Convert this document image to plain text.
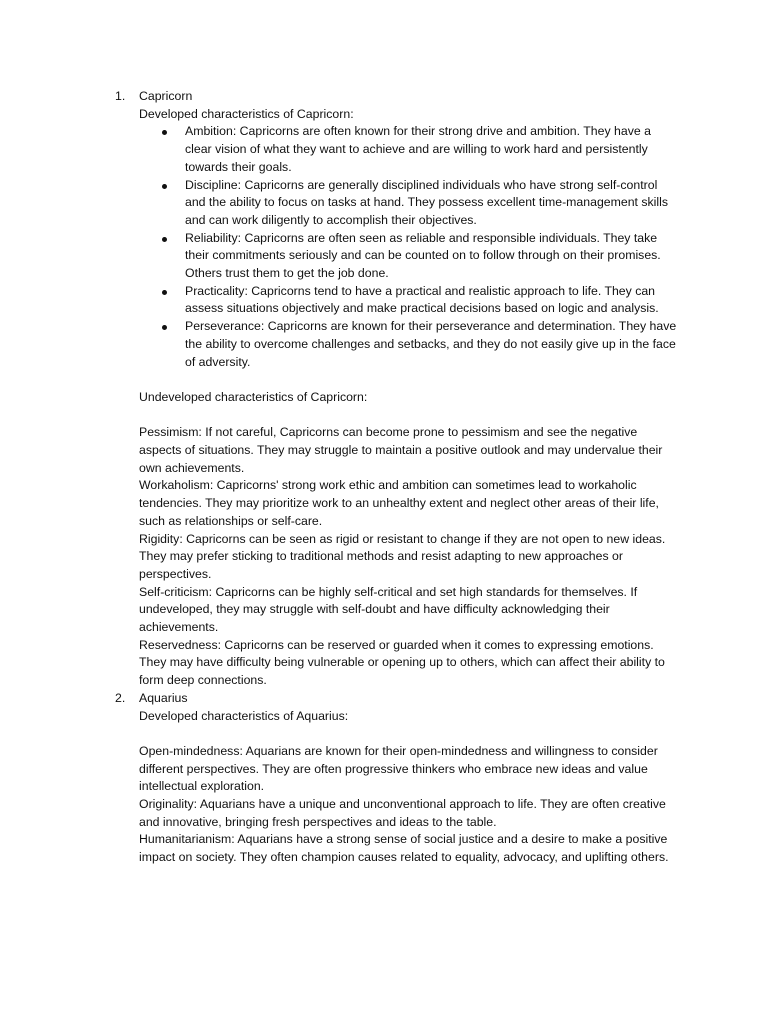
1.	Capricorn
Developed characteristics of Capricorn:
Ambition: Capricorns are often known for their strong drive and ambition. They have a clear vision of what they want to achieve and are willing to work hard and persistently towards their goals.
Discipline: Capricorns are generally disciplined individuals who have strong self-control and the ability to focus on tasks at hand. They possess excellent time-management skills and can work diligently to accomplish their objectives.
Reliability: Capricorns are often seen as reliable and responsible individuals. They take their commitments seriously and can be counted on to follow through on their promises. Others trust them to get the job done.
Practicality: Capricorns tend to have a practical and realistic approach to life. They can assess situations objectively and make practical decisions based on logic and analysis.
Perseverance: Capricorns are known for their perseverance and determination. They have the ability to overcome challenges and setbacks, and they do not easily give up in the face of adversity.
Undeveloped characteristics of Capricorn:

Pessimism: If not careful, Capricorns can become prone to pessimism and see the negative aspects of situations. They may struggle to maintain a positive outlook and may undervalue their own achievements.

Workaholism: Capricorns' strong work ethic and ambition can sometimes lead to workaholic tendencies. They may prioritize work to an unhealthy extent and neglect other areas of their life, such as relationships or self-care.

Rigidity: Capricorns can be seen as rigid or resistant to change if they are not open to new ideas. They may prefer sticking to traditional methods and resist adapting to new approaches or perspectives.

Self-criticism: Capricorns can be highly self-critical and set high standards for themselves. If undeveloped, they may struggle with self-doubt and have difficulty acknowledging their achievements.

Reservedness: Capricorns can be reserved or guarded when it comes to expressing emotions. They may have difficulty being vulnerable or opening up to others, which can affect their ability to form deep connections.

2.	Aquarius
Developed characteristics of Aquarius:

Open-mindedness: Aquarians are known for their open-mindedness and willingness to consider different perspectives. They are often progressive thinkers who embrace new ideas and value intellectual exploration.

Originality: Aquarians have a unique and unconventional approach to life. They are often creative and innovative, bringing fresh perspectives and ideas to the table.

Humanitarianism: Aquarians have a strong sense of social justice and a desire to make a positive impact on society. They often champion causes related to equality, advocacy, and uplifting others.
